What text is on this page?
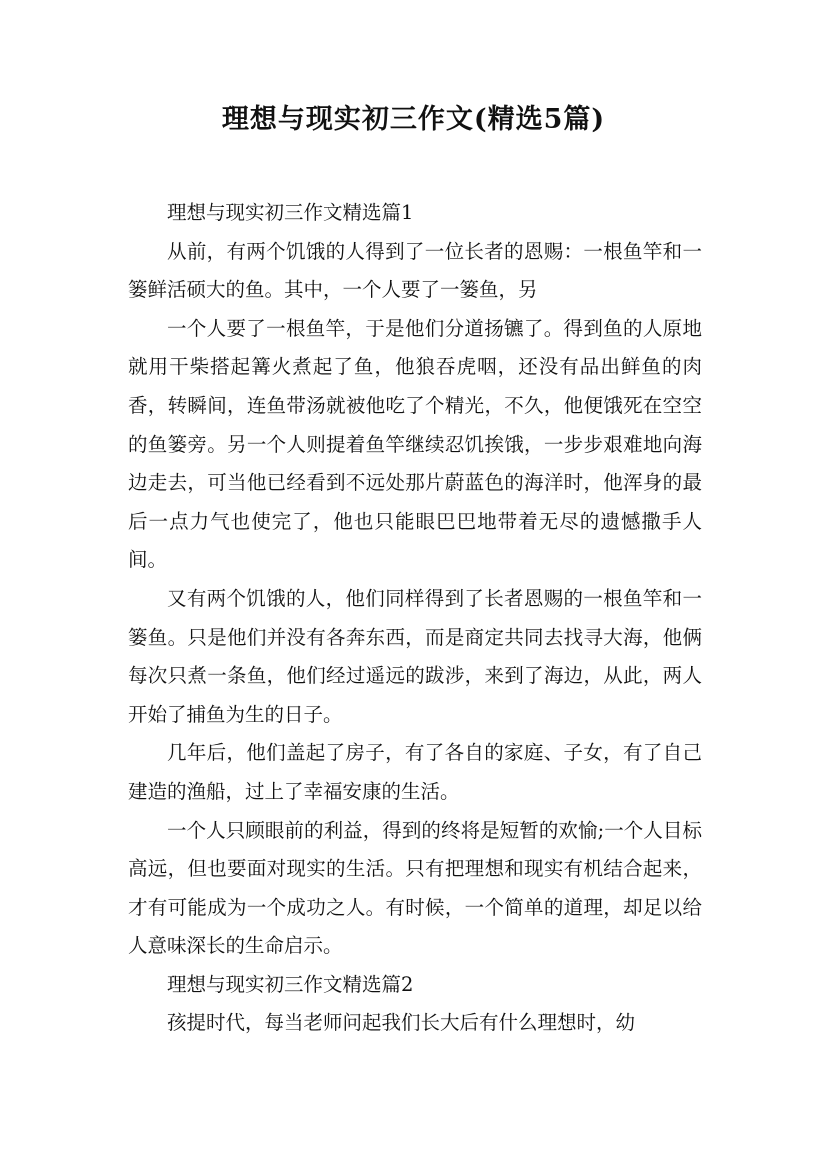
理想与现实初三作文(精选5篇)

理想与现实初三作文精选篇1

从前，有两个饥饿的人得到了一位长者的恩赐：一根鱼竿和一篓鲜活硕大的鱼。其中，一个人要了一篓鱼，另

一个人要了一根鱼竿，于是他们分道扬镳了。得到鱼的人原地就用干柴搭起篝火煮起了鱼，他狼吞虎咽，还没有品出鲜鱼的肉香，转瞬间，连鱼带汤就被他吃了个精光，不久，他便饿死在空空的鱼篓旁。另一个人则提着鱼竿继续忍饥挨饿，一步步艰难地向海边走去，可当他已经看到不远处那片蔚蓝色的海洋时，他浑身的最后一点力气也使完了，他也只能眼巴巴地带着无尽的遗憾撒手人间。

又有两个饥饿的人，他们同样得到了长者恩赐的一根鱼竿和一篓鱼。只是他们并没有各奔东西，而是商定共同去找寻大海，他俩每次只煮一条鱼，他们经过遥远的跋涉，来到了海边，从此，两人开始了捕鱼为生的日子。

几年后，他们盖起了房子，有了各自的家庭、子女，有了自己建造的渔船，过上了幸福安康的生活。

一个人只顾眼前的利益，得到的终将是短暂的欢愉;一个人目标高远，但也要面对现实的生活。只有把理想和现实有机结合起来，才有可能成为一个成功之人。有时候，一个简单的道理，却足以给人意味深长的生命启示。

理想与现实初三作文精选篇2

孩提时代，每当老师问起我们长大后有什么理想时，幼
